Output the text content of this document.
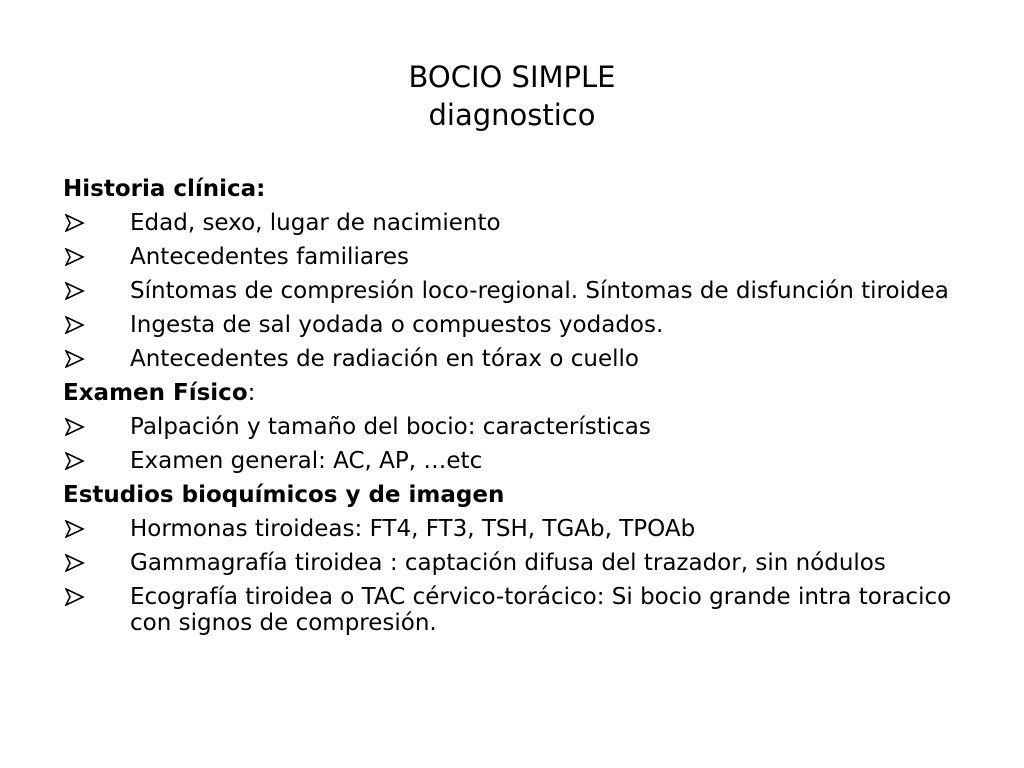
BOCIO SIMPLE
diagnostico
Historia clínica:
Edad, sexo, lugar de nacimiento
Antecedentes familiares
Síntomas de compresión loco-regional. Síntomas de disfunción tiroidea
Ingesta de sal yodada o compuestos yodados.
Antecedentes de radiación en tórax o cuello
Examen Físico:
Palpación y tamaño del bocio: características
Examen general: AC, AP, …etc
Estudios bioquímicos y de imagen
Hormonas tiroideas: FT4, FT3, TSH, TGAb, TPOAb
Gammagrafía tiroidea : captación difusa del trazador, sin nódulos
Ecografía tiroidea o TAC cérvico-torácico: Si bocio grande intra toracico con signos de compresión.
